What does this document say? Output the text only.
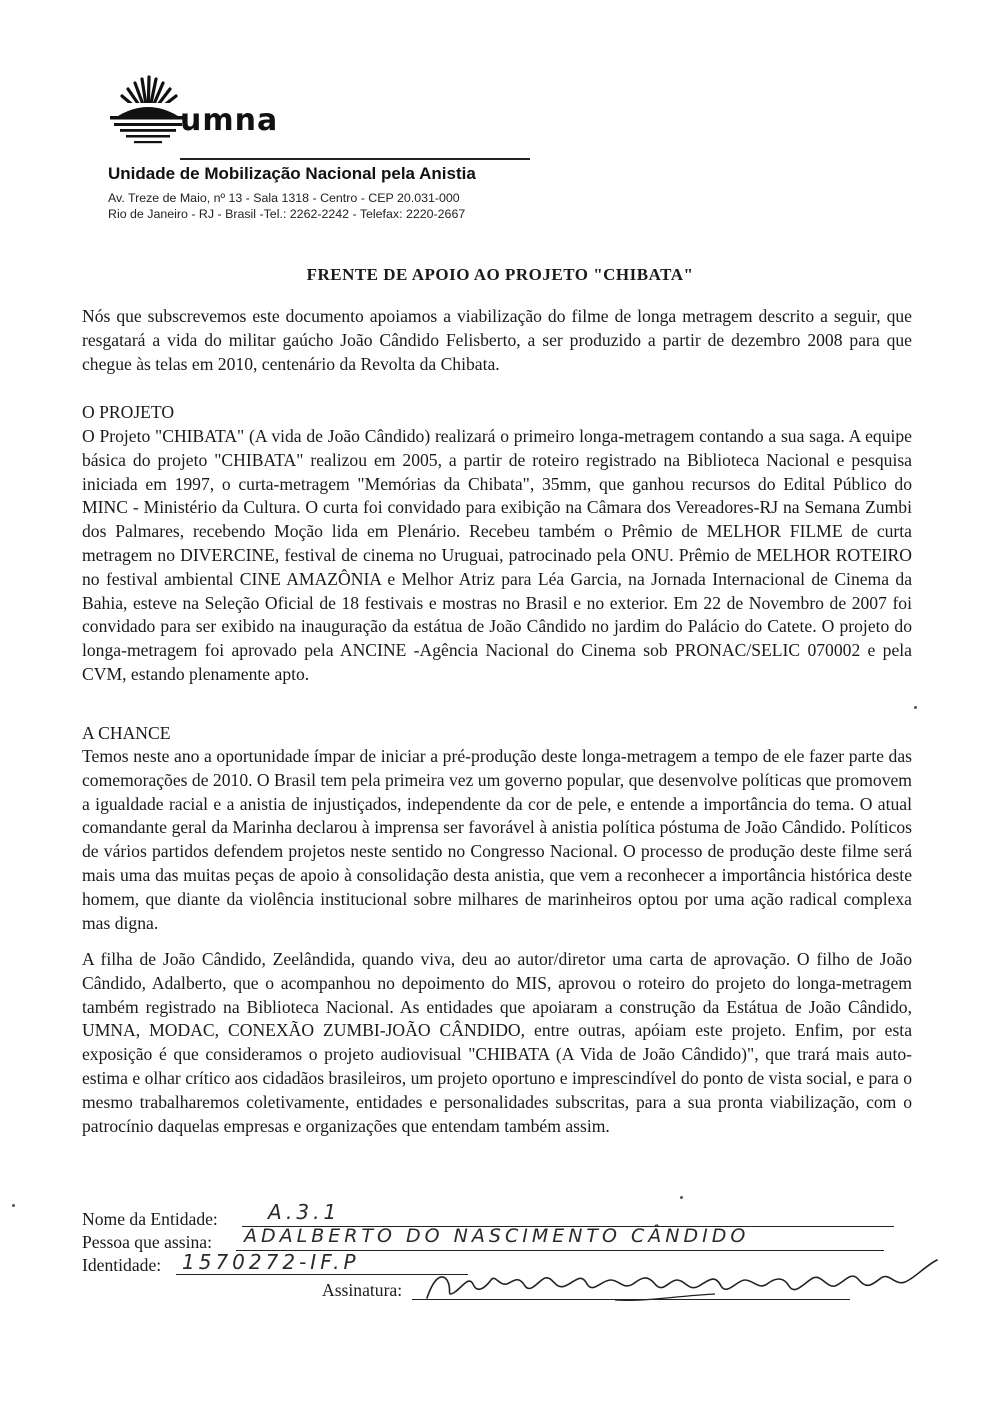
umna
Unidade de Mobilização Nacional pela Anistia
Av. Treze de Maio, nº 13 - Sala 1318 - Centro - CEP 20.031-000
Rio de Janeiro - RJ - Brasil -Tel.: 2262-2242 - Telefax: 2220-2667
FRENTE DE APOIO AO PROJETO "CHIBATA"

Nós que subscrevemos este documento apoiamos a viabilização do filme de longa metragem descrito a seguir, que resgatará a vida do militar gaúcho João Cândido Felisberto, a ser produzido a partir de dezembro 2008 para que chegue às telas em 2010, centenário da Revolta da Chibata.

O PROJETO

O Projeto "CHIBATA" (A vida de João Cândido) realizará o primeiro longa-metragem contando a sua saga. A equipe básica do projeto "CHIBATA" realizou em 2005, a partir de roteiro registrado na Biblioteca Nacional e pesquisa iniciada em 1997, o curta-metragem "Memórias da Chibata", 35mm, que ganhou recursos do Edital Público do MINC - Ministério da Cultura. O curta foi convidado para exibição na Câmara dos Vereadores-RJ na Semana Zumbi dos Palmares, recebendo Moção lida em Plenário. Recebeu também o Prêmio de MELHOR FILME de curta metragem no DIVERCINE, festival de cinema no Uruguai, patrocinado pela ONU. Prêmio de MELHOR ROTEIRO no festival ambiental CINE AMAZÔNIA e Melhor Atriz para Léa Garcia, na Jornada Internacional de Cinema da Bahia, esteve na Seleção Oficial de 18 festivais e mostras no Brasil e no exterior. Em 22 de Novembro de 2007 foi convidado para ser exibido na inauguração da estátua de João Cândido no jardim do Palácio do Catete. O projeto do longa-metragem foi aprovado pela ANCINE -Agência Nacional do Cinema sob PRONAC/SELIC 070002 e pela CVM, estando plenamente apto.

A CHANCE

Temos neste ano a oportunidade ímpar de iniciar a pré-produção deste longa-metragem a tempo de ele fazer parte das comemorações de 2010. O Brasil tem pela primeira vez um governo popular, que desenvolve políticas que promovem a igualdade racial e a anistia de injustiçados, independente da cor de pele, e entende a importância do tema. O atual comandante geral da Marinha declarou à imprensa ser favorável à anistia política póstuma de João Cândido. Políticos de vários partidos defendem projetos neste sentido no Congresso Nacional. O processo de produção deste filme será mais uma das muitas peças de apoio à consolidação desta anistia, que vem a reconhecer a importância histórica deste homem, que diante da violência institucional sobre milhares de marinheiros optou por uma ação radical complexa mas digna.

A filha de João Cândido, Zeelândida, quando viva, deu ao autor/diretor uma carta de aprovação. O filho de João Cândido, Adalberto, que o acompanhou no depoimento do MIS, aprovou o roteiro do projeto do longa-metragem também registrado na Biblioteca Nacional. As entidades que apoiaram a construção da Estátua de João Cândido, UMNA, MODAC, CONEXÃO ZUMBI-JOÃO CÂNDIDO, entre outras, apóiam este projeto. Enfim, por esta exposição é que consideramos o projeto audiovisual "CHIBATA (A Vida de João Cândido)", que trará mais auto-estima e olhar crítico aos cidadãos brasileiros, um projeto oportuno e imprescindível do ponto de vista social, e para o mesmo trabalharemos coletivamente, entidades e personalidades subscritas, para a sua pronta viabilização, com o patrocínio daquelas empresas e organizações que entendam também assim.

Nome da Entidade:	A.3.1
Pessoa que assina: ADALBERTO DO NASCIMENTO CÂNDIDO
Identidade: 1570272-IF.P
Assinatura:
